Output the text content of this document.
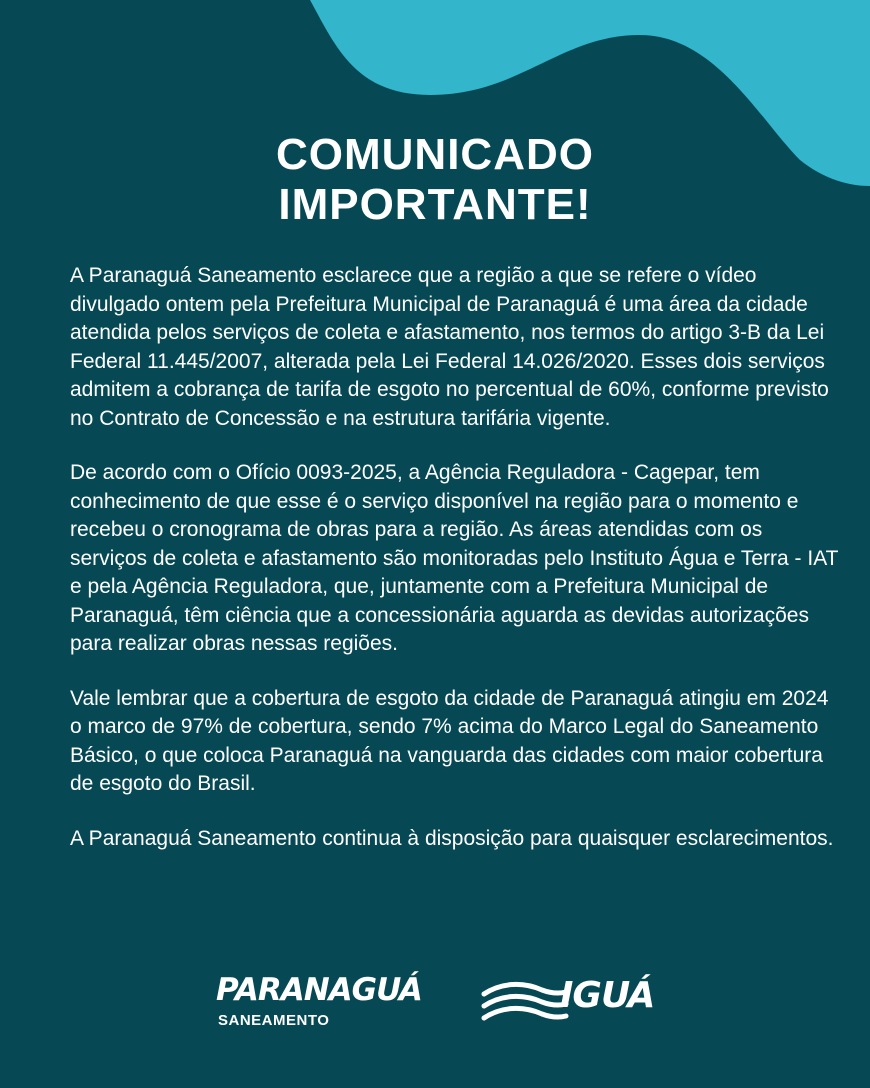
COMUNICADO
IMPORTANTE!

A Paranaguá Saneamento esclarece que a região a que se refere o vídeo divulgado ontem pela Prefeitura Municipal de Paranaguá é uma área da cidade atendida pelos serviços de coleta e afastamento, nos termos do artigo 3-B da Lei Federal 11.445/2007, alterada pela Lei Federal 14.026/2020. Esses dois serviços admitem a cobrança de tarifa de esgoto no percentual de 60%, conforme previsto no Contrato de Concessão e na estrutura tarifária vigente.

De acordo com o Ofício 0093-2025, a Agência Reguladora - Cagepar, tem conhecimento de que esse é o serviço disponível na região para o momento e recebeu o cronograma de obras para a região. As áreas atendidas com os serviços de coleta e afastamento são monitoradas pelo Instituto Água e Terra - IAT e pela Agência Reguladora, que, juntamente com a Prefeitura Municipal de Paranaguá, têm ciência que a concessionária aguarda as devidas autorizações para realizar obras nessas regiões.

Vale lembrar que a cobertura de esgoto da cidade de Paranaguá atingiu em 2024 o marco de 97% de cobertura, sendo 7% acima do Marco Legal do Saneamento Básico, o que coloca Paranaguá na vanguarda das cidades com maior cobertura de esgoto do Brasil.

A Paranaguá Saneamento continua à disposição para quaisquer esclarecimentos.

PARANAGUÁ
SANEAMENTO
IGUÁ
